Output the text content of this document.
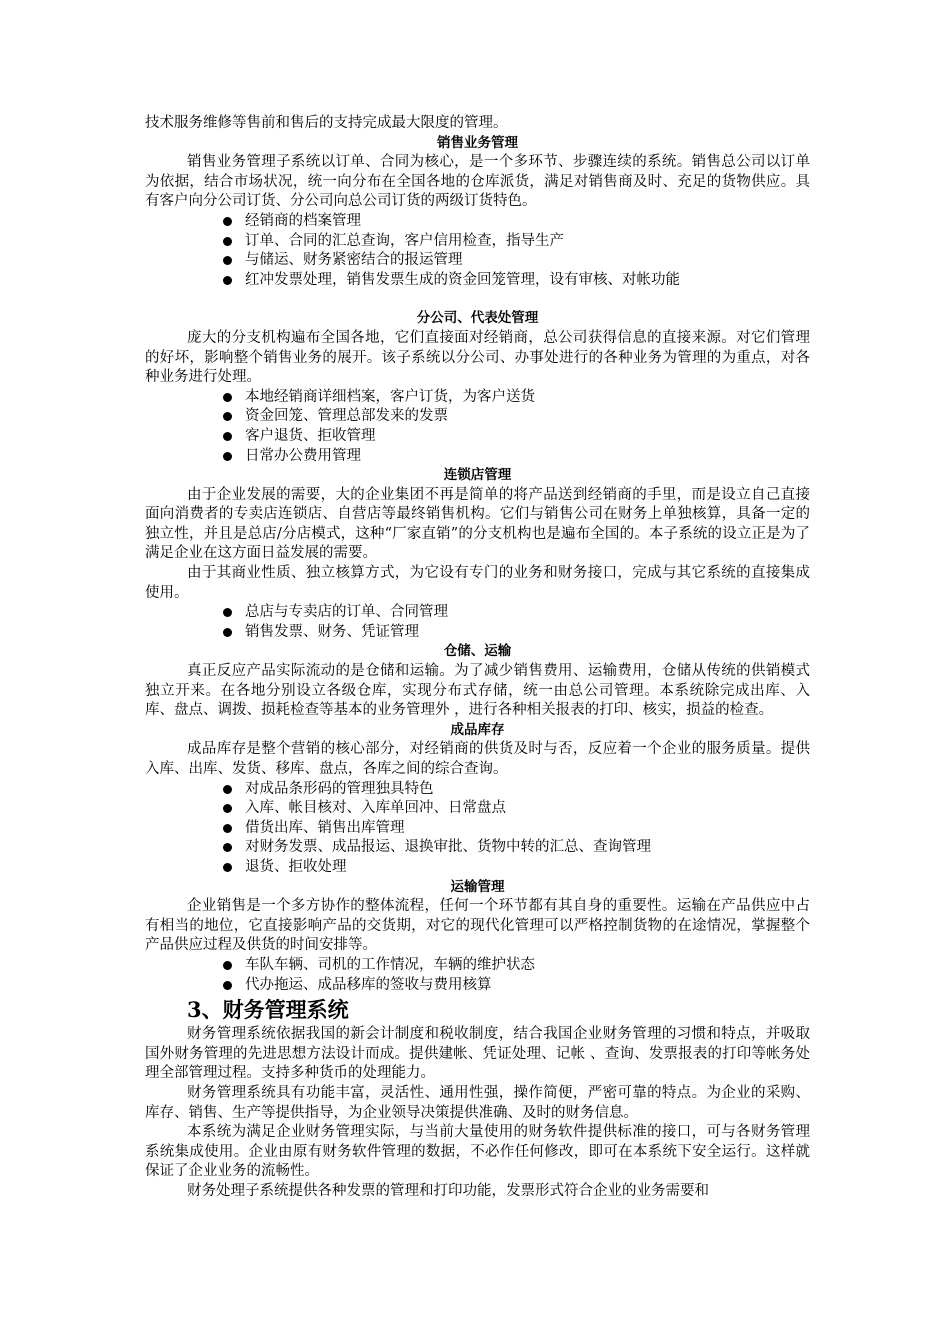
技术服务维修等售前和售后的支持完成最大限度的管理。

销售业务管理

销售业务管理子系统以订单、合同为核心，是一个多环节、步骤连续的系统。销售总公司以订单为依据，结合市场状况，统一向分布在全国各地的仓库派货，满足对销售商及时、充足的货物供应。具有客户向分公司订货、分公司向总公司订货的两级订货特色。

经销商的档案管理
订单、合同的汇总查询，客户信用检查，指导生产
与储运、财务紧密结合的报运管理
红冲发票处理，销售发票生成的资金回笼管理，设有审核、对帐功能

分公司、代表处管理

庞大的分支机构遍布全国各地，它们直接面对经销商，总公司获得信息的直接来源。对它们管理的好坏，影响整个销售业务的展开。该子系统以分公司、办事处进行的各种业务为管理的为重点，对各种业务进行处理。

本地经销商详细档案，客户订货，为客户送货
资金回笼、管理总部发来的发票
客户退货、拒收管理
日常办公费用管理

连锁店管理

由于企业发展的需要，大的企业集团不再是简单的将产品送到经销商的手里，而是设立自己直接面向消费者的专卖店连锁店、自营店等最终销售机构。它们与销售公司在财务上单独核算，具备一定的独立性，并且是总店/分店模式，这种“厂家直销”的分支机构也是遍布全国的。本子系统的设立正是为了满足企业在这方面日益发展的需要。

由于其商业性质、独立核算方式，为它设有专门的业务和财务接口，完成与其它系统的直接集成使用。

总店与专卖店的订单、合同管理
销售发票、财务、凭证管理

仓储、运输

真正反应产品实际流动的是仓储和运输。为了减少销售费用、运输费用，仓储从传统的供销模式独立开来。在各地分别设立各级仓库，实现分布式存储，统一由总公司管理。本系统除完成出库、入库、盘点、调拨、损耗检查等基本的业务管理外 ，进行各种相关报表的打印、核实，损益的检查。

成品库存

成品库存是整个营销的核心部分，对经销商的供货及时与否，反应着一个企业的服务质量。提供入库、出库、发货、移库、盘点，各库之间的综合查询。

对成品条形码的管理独具特色
入库、帐目核对、入库单回冲、日常盘点
借货出库、销售出库管理
对财务发票、成品报运、退换审批、货物中转的汇总、查询管理
退货、拒收处理

运输管理

企业销售是一个多方协作的整体流程，任何一个环节都有其自身的重要性。运输在产品供应中占有相当的地位，它直接影响产品的交货期，对它的现代化管理可以严格控制货物的在途情况，掌握整个产品供应过程及供货的时间安排等。

车队车辆、司机的工作情况，车辆的维护状态
代办拖运、成品移库的签收与费用核算

3、财务管理系统

财务管理系统依据我国的新会计制度和税收制度，结合我国企业财务管理的习惯和特点，并吸取国外财务管理的先进思想方法设计而成。提供建帐、凭证处理、记帐 、查询、发票报表的打印等帐务处理全部管理过程。支持多种货币的处理能力。

财务管理系统具有功能丰富，灵活性、通用性强，操作简便，严密可靠的特点。为企业的采购、库存、销售、生产等提供指导，为企业领导决策提供准确、及时的财务信息。

本系统为满足企业财务管理实际，与当前大量使用的财务软件提供标准的接口，可与各财务管理系统集成使用。企业由原有财务软件管理的数据，不必作任何修改，即可在本系统下安全运行。这样就保证了企业业务的流畅性。

财务处理子系统提供各种发票的管理和打印功能，发票形式符合企业的业务需要和
